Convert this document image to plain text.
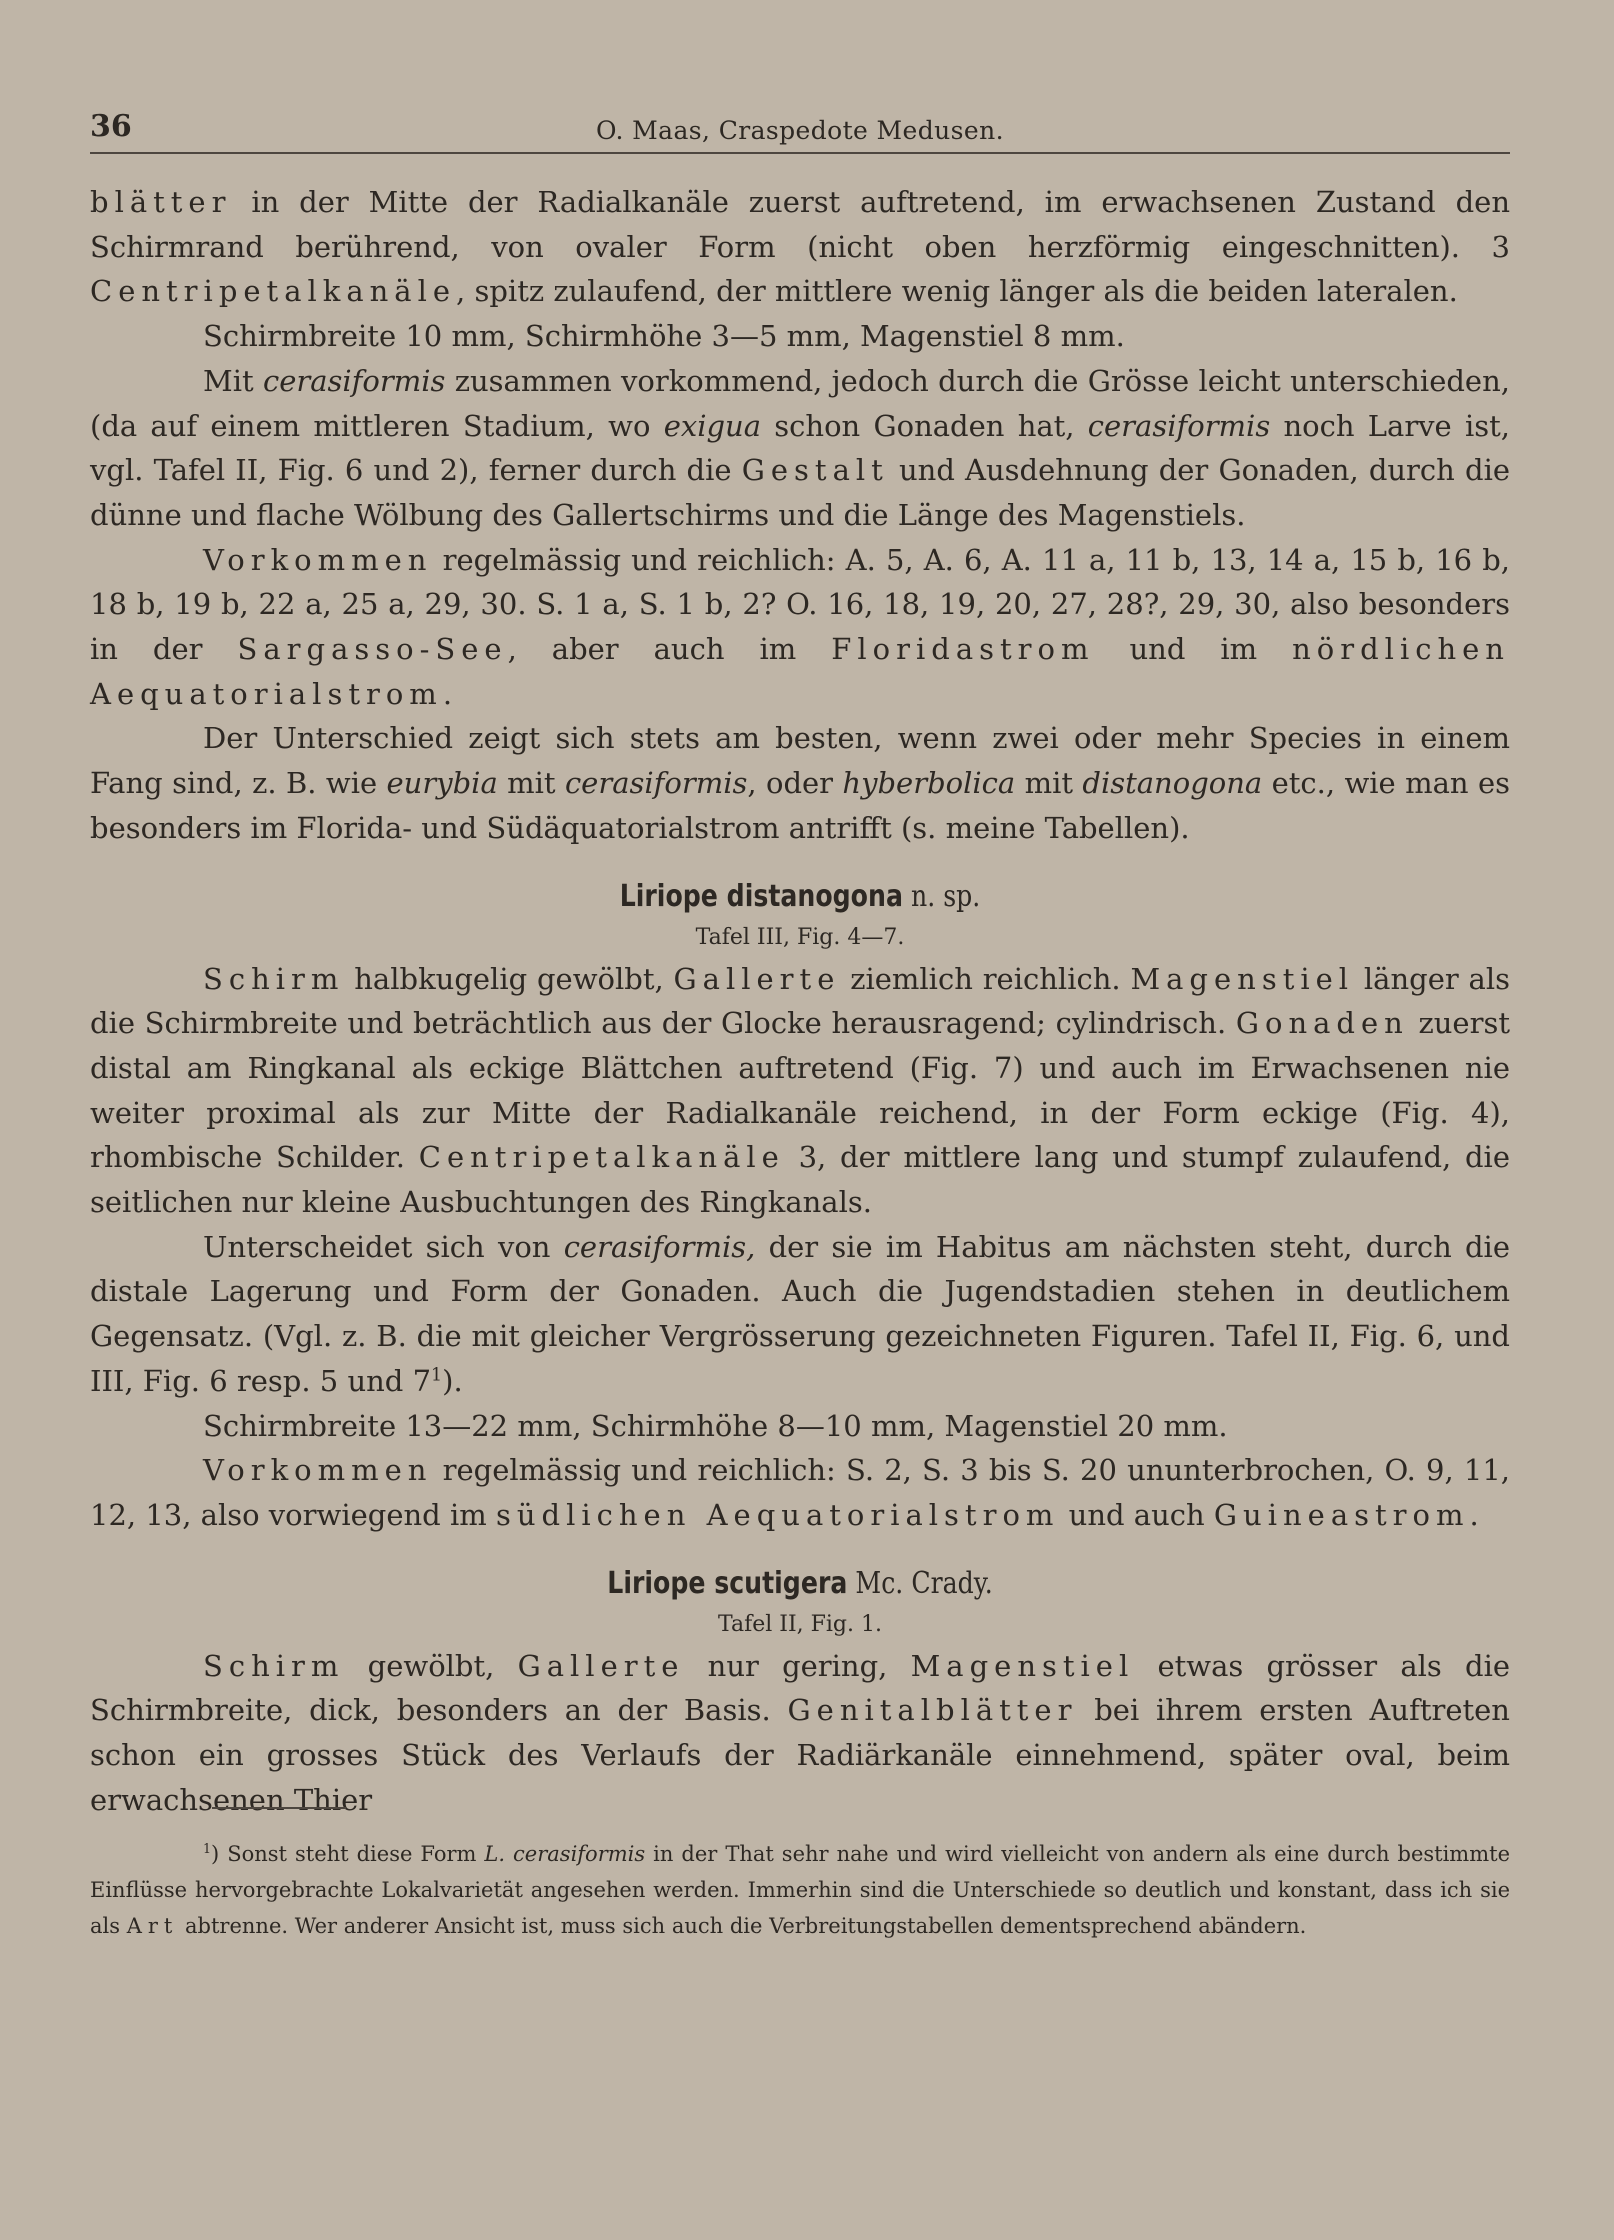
36	O. Maas, Craspedote Medusen.

blätter in der Mitte der Radialkanäle zuerst auftretend, im erwachsenen Zustand den Schirmrand berührend, von ovaler Form (nicht oben herzförmig eingeschnitten). 3 Centripetalkanäle, spitz zulaufend, der mittlere wenig länger als die beiden lateralen.

Schirmbreite 10 mm, Schirmhöhe 3—5 mm, Magenstiel 8 mm.

Mit cerasiformis zusammen vorkommend, jedoch durch die Grösse leicht unterschieden, (da auf einem mittleren Stadium, wo exigua schon Gonaden hat, cerasiformis noch Larve ist, vgl. Tafel II, Fig. 6 und 2), ferner durch die Gestalt und Ausdehnung der Gonaden, durch die dünne und flache Wölbung des Gallertschirms und die Länge des Magenstiels.

Vorkommen regelmässig und reichlich: A. 5, A. 6, A. 11 a, 11 b, 13, 14 a, 15 b, 16 b, 18 b, 19 b, 22 a, 25 a, 29, 30. S. 1 a, S. 1 b, 2? O. 16, 18, 19, 20, 27, 28?, 29, 30, also besonders in der Sargasso-See, aber auch im Floridastrom und im nördlichen Aequatorialstrom.

Der Unterschied zeigt sich stets am besten, wenn zwei oder mehr Species in einem Fang sind, z. B. wie eurybia mit cerasiformis, oder hyberbolica mit distanogona etc., wie man es besonders im Florida- und Südäquatorialstrom antrifft (s. meine Tabellen).

Liriope distanogona n. sp.
Tafel III, Fig. 4—7.

Schirm halbkugelig gewölbt, Gallerte ziemlich reichlich. Magenstiel länger als die Schirmbreite und beträchtlich aus der Glocke herausragend; cylindrisch. Gonaden zuerst distal am Ringkanal als eckige Blättchen auftretend (Fig. 7) und auch im Erwachsenen nie weiter proximal als zur Mitte der Radialkanäle reichend, in der Form eckige (Fig. 4), rhombische Schilder. Centripetalkanäle 3, der mittlere lang und stumpf zulaufend, die seitlichen nur kleine Ausbuchtungen des Ringkanals.

Unterscheidet sich von cerasiformis, der sie im Habitus am nächsten steht, durch die distale Lagerung und Form der Gonaden. Auch die Jugendstadien stehen in deutlichem Gegensatz. (Vgl. z. B. die mit gleicher Vergrösserung gezeichneten Figuren. Tafel II, Fig. 6, und III, Fig. 6 resp. 5 und $7^1$).

Schirmbreite 13—22 mm, Schirmhöhe 8—10 mm, Magenstiel 20 mm.

Vorkommen regelmässig und reichlich: S. 2, S. 3 bis S. 20 ununterbrochen, O. 9, 11, 12, 13, also vorwiegend im südlichen Aequatorialstrom und auch Guineastrom.

Liriope scutigera Mc. Crady.
Tafel II, Fig. 1.

Schirm gewölbt, Gallerte nur gering, Magenstiel etwas grösser als die Schirmbreite, dick, besonders an der Basis. Genitalblätter bei ihrem ersten Auftreten schon ein grosses Stück des Verlaufs der Radiärkanäle einnehmend, später oval, beim erwachsenen Thier

$^1$) Sonst steht diese Form L. cerasiformis in der That sehr nahe und wird vielleicht von andern als eine durch bestimmte Einflüsse hervorgebrachte Lokalvarietät angesehen werden. Immerhin sind die Unterschiede so deutlich und konstant, dass ich sie als Art abtrenne. Wer anderer Ansicht ist, muss sich auch die Verbreitungstabellen dementsprechend abändern.
